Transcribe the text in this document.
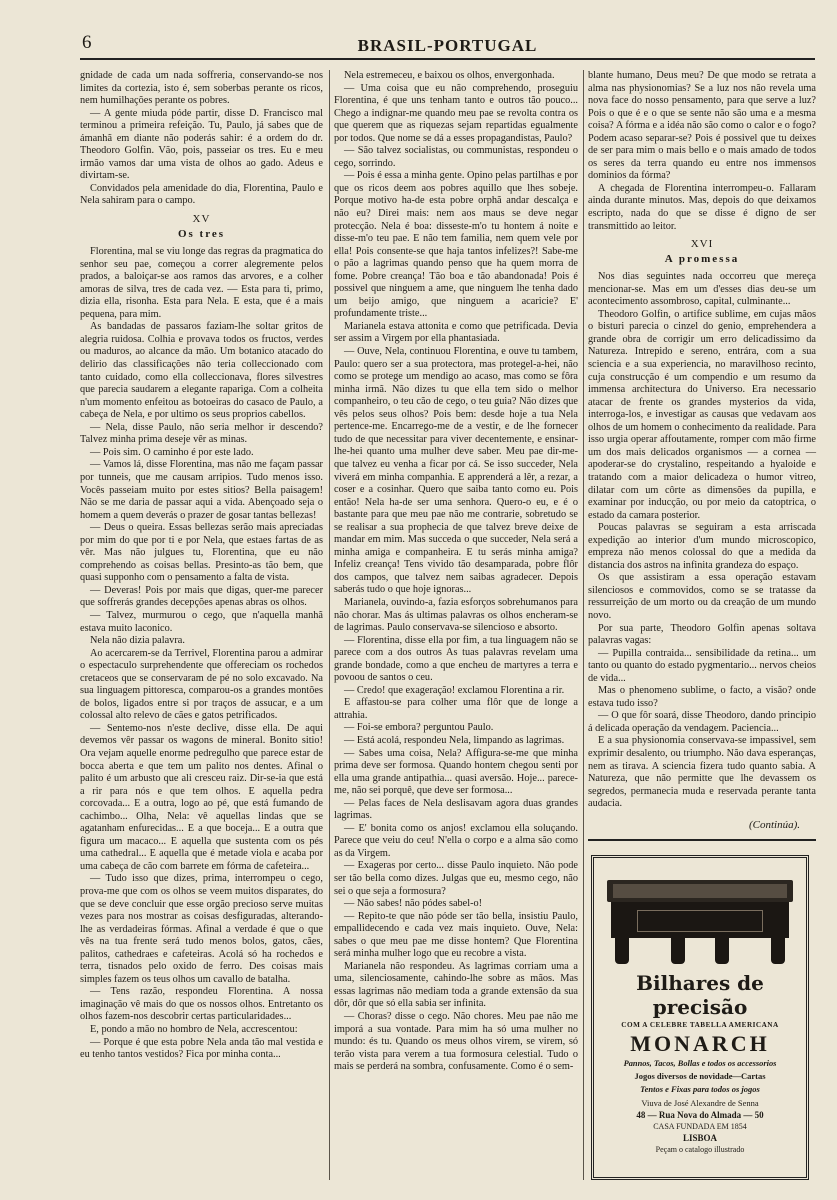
6	BRASIL-PORTUGAL

gnidade de cada um nada soffreria, conservando-se nos limites da cortezia, isto é, sem soberbas perante os ricos, nem humilhações perante os pobres.

— A gente miuda póde partir, disse D. Francisco mal terminou a primeira refeição. Tu, Paulo, já sabes que de ámanhã em diante não poderás sahir: é a ordem do dr. Theodoro Golfin. Vão, pois, passeiar os tres. Eu e meu irmão vamos dar uma vista de olhos ao gado. Adeus e divirtam-se.

Convidados pela amenidade do dia, Florentina, Paulo e Nela sahiram para o campo.

XV
Os tres

Florentina, mal se viu longe das regras da pragmatica do senhor seu pae, começou a correr alegremente pelos prados, a baloiçar-se aos ramos das arvores, e a colher amoras de silva, tres de cada vez. — Esta para ti, primo, dizia ella, risonha. Esta para Nela. E esta, que é a mais pequena, para mim.

As bandadas de passaros faziam-lhe soltar gritos de alegria ruidosa. Colhia e provava todos os fructos, verdes ou maduros, ao alcance da mão. Um botanico atacado do delirio das classificações não teria colleccionado com tanto cuidado, como ella colleccionava, flores silvestres que parecia saudarem a elegante rapariga. Com a colheita n'um momento enfeitou as botoeiras do casaco de Paulo, a cabeça de Nela, e por ultimo os seus proprios cabellos.

— Nela, disse Paulo, não seria melhor ir descendo? Talvez minha prima deseje vêr as minas.

— Pois sim. O caminho é por este lado.

— Vamos lá, disse Florentina, mas não me façam passar por tunneis, que me causam arripios. Tudo menos isso. Vocês passeiam muito por estes sitios? Bella paisagem! Não se me daria de passar aqui a vida. Abençoado seja o homem a quem deverás o prazer de gosar tantas bellezas!

— Deus o queira. Essas bellezas serão mais apreciadas por mim do que por ti e por Nela, que estaes fartas de as vêr. Mas não julgues tu, Florentina, que eu não comprehendo as coisas bellas. Presinto-as tão bem, que quasi supponho com o pensamento a falta de vista.

— Deveras! Pois por mais que digas, quer-me parecer que soffrerás grandes decepções apenas abras os olhos.

— Talvez, murmurou o cego, que n'aquella manhã estava muito laconico.

Nela não dizia palavra.

Ao acercarem-se da Terrivel, Florentina parou a admirar o espectaculo surprehendente que offereciam os rochedos cretaceos que se conservaram de pé no solo excavado. Na sua linguagem pittoresca, comparou-os a grandes montões de bolos, ligados entre si por traços de assucar, e a um colossal alto relevo de cães e gatos petrificados.

— Sentemo-nos n'este declive, disse ella. De aqui devemos vêr passar os wagons de mineral. Bonito sitio! Ora vejam aquelle enorme pedregulho que parece estar de bocca aberta e que tem um palito nos dentes. Afinal o palito é um arbusto que ali cresceu raiz. Dir-se-ia que está a rir para nós e que tem olhos. E aquella pedra corcovada... E a outra, logo ao pé, que está fumando de cachimbo... Olha, Nela: vê aquellas lindas que se agatanham enfurecidas... E a que boceja... E a outra que figura um macaco... E aquella que sustenta com os pés uma cathedral... E aquella que é metade viola e acaba por uma cabeça de cão com barrete em fórma de cafeteira...

— Tudo isso que dizes, prima, interrompeu o cego, prova-me que com os olhos se veem muitos disparates, do que se deve concluir que esse orgão precioso serve muitas vezes para nos mostrar as coisas desfiguradas, alterando-lhe as verdadeiras fórmas. Afinal a verdade é que o que vês na tua frente será tudo menos bolos, gatos, cães, palitos, cathedraes e cafeteiras. Acolá só ha rochedos e terra, tisnados pelo oxido de ferro. Des coisas mais simples fazem os teus olhos um cavallo de batalha.

— Tens razão, respondeu Florentina. A nossa imaginação vê mais do que os nossos olhos. Entretanto os olhos fazem-nos descobrir certas particularidades...

E, pondo a mão no hombro de Nela, accrescentou:

— Porque é que esta pobre Nela anda tão mal vestida e eu tenho tantos vestidos? Fica por minha conta...

Nela estremeceu, e baixou os olhos, envergonhada.

— Uma coisa que eu não comprehendo, proseguiu Florentina, é que uns tenham tanto e outros tão pouco... Chego a indignar-me quando meu pae se revolta contra os que querem que as riquezas sejam repartidas egualmente por todos. Que nome se dá a esses propagandistas, Paulo?

— São talvez socialistas, ou communistas, respondeu o cego, sorrindo.

— Pois é essa a minha gente. Opino pelas partilhas e por que os ricos deem aos pobres aquillo que lhes sobeje. Porque motivo ha-de esta pobre orphã andar descalça e não eu? Direi mais: nem aos maus se deve negar protecção. Nela é boa: disseste-m'o tu hontem á noite e disse-m'o teu pae. E não tem familia, nem quem vele por ella! Pois consente-se que haja tantos infelizes?! Sabe-me o pão a lagrimas quando penso que ha quem morra de fome. Pobre creança! Tão boa e tão abandonada! Pois é possivel que ninguem a ame, que ninguem lhe tenha dado um beijo amigo, que ninguem a acaricie? E' profundamente triste...

Marianela estava attonita e como que petrificada. Devia ser assim a Virgem por ella phantasiada.

— Ouve, Nela, continuou Florentina, e ouve tu tambem, Paulo: quero ser a sua protectora, mas protegel-a-hei, não como se protege um mendigo ao acaso, mas como se fôra minha irmã. Não dizes tu que ella tem sido o melhor companheiro, o teu cão de cego, o teu guia? Não dizes que vês pelos seus olhos? Pois bem: desde hoje a tua Nela pertence-me. Encarrego-me de a vestir, e de lhe fornecer tudo de que necessitar para viver decentemente, e ensinar-lhe-hei quanto uma mulher deve saber. Meu pae dir-me-que talvez eu venha a ficar por cá. Se isso succeder, Nela viverá em minha companhia. E apprenderá a lêr, a rezar, a coser e a cosinhar. Quero que saiba tanto como eu. Pois então! Nela ha-de ser uma senhora. Quero-o eu, e é o bastante para que meu pae não me contrarie, sobretudo se se realisar a sua prophecia de que talvez breve deixe de mandar em mim. Mas succeda o que succeder, Nela será a minha amiga e companheira. E tu serás minha amiga? Infeliz creança! Tens vivido tão desamparada, pobre flôr dos campos, que talvez nem saibas agradecer. Depois saberás tudo o que hoje ignoras...

Marianela, ouvindo-a, fazia esforços sobrehumanos para não chorar. Mas ás ultimas palavras os olhos encheram-se de lagrimas. Paulo conservava-se silencioso e absorto.

— Florentina, disse ella por fim, a tua linguagem não se parece com a dos outros As tuas palavras revelam uma grande bondade, como a que encheu de martyres a terra e povoou de santos o ceu.

— Credo! que exageração! exclamou Florentina a rir.

E affastou-se para colher uma flôr que de longe a attrahia.

— Foi-se embora? perguntou Paulo.

— Está acolá, respondeu Nela, limpando as lagrimas.

— Sabes uma coisa, Nela? Affigura-se-me que minha prima deve ser formosa. Quando hontem chegou senti por ella uma grande antipathia... quasi aversão. Hoje... parece-me, não sei porquê, que deve ser formosa...

— Pelas faces de Nela deslisavam agora duas grandes lagrimas.

— E' bonita como os anjos! exclamou ella soluçando. Parece que veiu do ceu! N'ella o corpo e a alma são como as da Virgem.

— Exageras por certo... disse Paulo inquieto. Não pode ser tão bella como dizes. Julgas que eu, mesmo cego, não sei o que seja a formosura?

— Não sabes! não pódes sabel-o!

— Repito-te que não póde ser tão bella, insistiu Paulo, empallidecendo e cada vez mais inquieto. Ouve, Nela: sabes o que meu pae me disse hontem? Que Florentina será minha mulher logo que eu recobre a vista.

Marianela não respondeu. As lagrimas corriam uma a uma, silenciosamente, cahindo-lhe sobre as mãos. Mas essas lagrimas não mediam toda a grande extensão da sua dôr, dôr que só ella sabia ser infinita.

— Choras? disse o cego. Não chores. Meu pae não me imporá a sua vontade. Para mim ha só uma mulher no mundo: és tu. Quando os meus olhos virem, se virem, só terão vista para verem a tua formosura celestial. Tudo o mais se perderá na sombra, confusamente. Como é o sem-

blante humano, Deus meu? De que modo se retrata a alma nas physionomias? Se a luz nos não revela uma nova face do nosso pensamento, para que serve a luz? Pois o que é e o que se sente não são uma e a mesma coisa? A fórma e a idéa não são como o calor e o fogo? Podem acaso separar-se? Pois é possivel que tu deixes de ser para mim o mais bello e o mais amado de todos os seres da terra quando eu entre nos immensos dominios da fórma?

A chegada de Florentina interrompeu-o. Fallaram ainda durante minutos. Mas, depois do que deixamos escripto, nada do que se disse é digno de ser transmittido ao leitor.

XVI
A promessa

Nos dias seguintes nada occorreu que mereça mencionar-se. Mas em um d'esses dias deu-se um acontecimento assombroso, capital, culminante...

Theodoro Golfin, o artifice sublime, em cujas mãos o bisturi parecia o cinzel do genio, emprehendera a grande obra de corrigir um erro delicadissimo da Natureza. Intrepido e sereno, entrára, com a sua sciencia e a sua experiencia, no maravilhoso recinto, cuja construcção é um compendio e um resumo da immensa architectura do Universo. Era necessario atacar de frente os grandes mysterios da vida, interroga-los, e investigar as causas que vedavam aos olhos de um homem o conhecimento da realidade. Para isso urgia operar affoutamente, romper com mão firme um dos mais delicados organismos — a cornea — apoderar-se do crystalino, respeitando a hyaloide e tratando com a maior delicadeza o humor vitreo, dilatar com um côrte as dimensões da pupilla, e examinar por inducção, ou por meio da catoptrica, o estado da camara posterior.

Poucas palavras se seguiram a esta arriscada expedição ao interior d'um mundo microscopico, empreza não menos colossal do que a medida da distancia dos astros na infinita grandeza do espaço.

Os que assistiram a essa operação estavam silenciosos e commovidos, como se se tratasse da ressurreição de um morto ou da creação de um mundo novo.

Por sua parte, Theodoro Golfin apenas soltava palavras vagas:

— Pupilla contraida... sensibilidade da retina... um tanto ou quanto do estado pygmentario... nervos cheios de vida...

Mas o phenomeno sublime, o facto, a visão? onde estava tudo isso?

— O que fôr soará, disse Theodoro, dando principio á delicada operação da vendagem. Paciencia...

E a sua physionomia conservava-se impassivel, sem exprimir desalento, ou triumpho. Não dava esperanças, nem as tirava. A sciencia fizera tudo quanto sabia. A Natureza, que não permitte que lhe devassem os segredos, permanecia muda e reservada perante tanta audacia.

(Continúa).
Bilhares de precisão
COM A CELEBRE TABELLA AMERICANA
MONARCH
Pannos, Tacos, Bollas e todos os accessorios
Jogos diversos de novidade—Cartas
Tentos e Fixas para todos os jogos
Viuva de José Alexandre de Senna
48 — Rua Nova do Almada — 50
CASA FUNDADA EM 1854
LISBOA
Peçam o catalogo illustrado
